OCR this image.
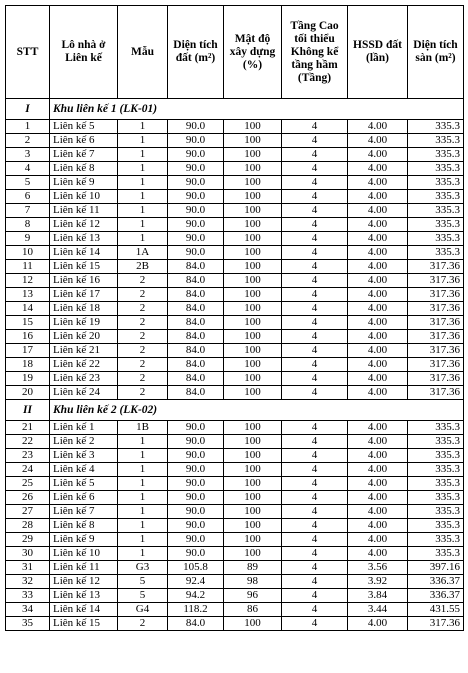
STT	Lô nhà ở Liên kế	Mẫu	Diện tích đất (m²)	Mật độ xây dựng (%)	Tầng Cao tối thiểu Không kể tầng hầm (Tầng)	HSSD đất (lần)	Diện tích sàn (m²)
I	Khu liên kế 1 (LK-01)						
1	Liên kế 5	1	90.0	100	4	4.00	335.3
2	Liên kế 6	1	90.0	100	4	4.00	335.3
3	Liên kế 7	1	90.0	100	4	4.00	335.3
4	Liên kế 8	1	90.0	100	4	4.00	335.3
5	Liên kế 9	1	90.0	100	4	4.00	335.3
6	Liên kế 10	1	90.0	100	4	4.00	335.3
7	Liên kế 11	1	90.0	100	4	4.00	335.3
8	Liên kế 12	1	90.0	100	4	4.00	335.3
9	Liên kế 13	1	90.0	100	4	4.00	335.3
10	Liên kế 14	1A	90.0	100	4	4.00	335.3
11	Liên kế 15	2B	84.0	100	4	4.00	317.36
12	Liên kế 16	2	84.0	100	4	4.00	317.36
13	Liên kế 17	2	84.0	100	4	4.00	317.36
14	Liên kế 18	2	84.0	100	4	4.00	317.36
15	Liên kế 19	2	84.0	100	4	4.00	317.36
16	Liên kế 20	2	84.0	100	4	4.00	317.36
17	Liên kế 21	2	84.0	100	4	4.00	317.36
18	Liên kế 22	2	84.0	100	4	4.00	317.36
19	Liên kế 23	2	84.0	100	4	4.00	317.36
20	Liên kế 24	2	84.0	100	4	4.00	317.36
II	Khu liên kế 2 (LK-02)						
21	Liên kế 1	1B	90.0	100	4	4.00	335.3
22	Liên kế 2	1	90.0	100	4	4.00	335.3
23	Liên kế 3	1	90.0	100	4	4.00	335.3
24	Liên kế 4	1	90.0	100	4	4.00	335.3
25	Liên kế 5	1	90.0	100	4	4.00	335.3
26	Liên kế 6	1	90.0	100	4	4.00	335.3
27	Liên kế 7	1	90.0	100	4	4.00	335.3
28	Liên kế 8	1	90.0	100	4	4.00	335.3
29	Liên kế 9	1	90.0	100	4	4.00	335.3
30	Liên kế 10	1	90.0	100	4	4.00	335.3
31	Liên kế 11	G3	105.8	89	4	3.56	397.16
32	Liên kế 12	5	92.4	98	4	3.92	336.37
33	Liên kế 13	5	94.2	96	4	3.84	336.37
34	Liên kế 14	G4	118.2	86	4	3.44	431.55
35	Liên kế 15	2	84.0	100	4	4.00	317.36
